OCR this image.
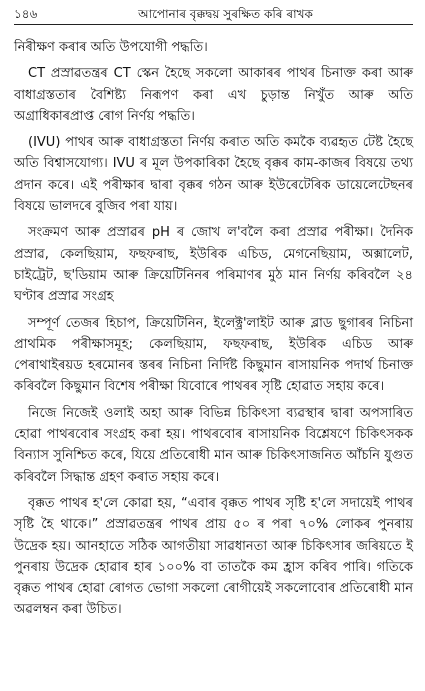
১৪৬	আপোনাৰ বৃক্কদ্বয় সুৰক্ষিত কৰি ৰাখক

নিৰীক্ষণ কৰাৰ অতি উপযোগী পদ্ধতি।

CT প্ৰস্ৰাৱতন্ত্ৰৰ CT স্কেন হৈছে সকলো আকাৰৰ পাথৰ চিনাক্ত কৰা আৰু বাধাগ্ৰস্ততাৰ বৈশিষ্ট্য নিৰূপণ কৰা এখ চুড়ান্ত নিখুঁত আৰু অতি অগ্ৰাধিকাৰপ্ৰাপ্ত ৰোগ নিৰ্ণয় পদ্ধতি।

(IVU) পাথৰ আৰু বাধাগ্ৰস্ততা নিৰ্ণয় কৰাত অতি কমকৈ ব্যৱহৃত টেষ্ট হৈছে অতি বিশ্বাসযোগ্য। IVU ৰ মূল উপকাৰিকা হৈছে বৃক্কৰ কাম-কাজৰ বিষয়ে তথ্য প্ৰদান কৰে। এই পৰীক্ষাৰ দ্বাৰা বৃক্কৰ গঠন আৰু ইউৰেটেৰিক ডায়েলেটেছনৰ বিষয়ে ভালদৰে বুজিব পৰা যায়।

সংক্ৰমণ আৰু প্ৰস্ৰাৱৰ pH ৰ জোখ ল'বলৈ কৰা প্ৰস্ৰাৱ পৰীক্ষা। দৈনিক প্ৰস্ৰাৱ, কেলছিয়াম, ফছফৰাছ, ইউৰিক এচিড, মেগনেছিয়াম, অক্সালেট, চাইট্ৰেট, ছ'ডিয়াম আৰু ক্ৰিয়েটিনিনৰ পৰিমাণৰ মুঠ মান নিৰ্ণয় কৰিবলৈ ২৪ ঘণ্টাৰ প্ৰস্ৰাৱ সংগ্ৰহ

সম্পূৰ্ণ তেজৰ হিচাপ, ক্ৰিয়েটিনিন, ইলেক্ট্ৰ'লাইট আৰু ব্লাড ছুগাৰৰ নিচিনা প্ৰাথমিক পৰীক্ষাসমূহ; কেলছিয়াম, ফছফৰাছ, ইউৰিক এচিড আৰু পেৰাথাইৰয়ড হৰমোনৰ স্তৰৰ নিচিনা নিৰ্দিষ্ট কিছুমান ৰাসায়নিক পদাৰ্থ চিনাক্ত কৰিবলৈ কিছুমান বিশেষ পৰীক্ষা যিবোৰে পাথৰৰ সৃষ্টি হোৱাত সহায় কৰে।

নিজে নিজেই ওলাই অহা আৰু বিভিন্ন চিকিৎসা ব্যৱস্থাৰ দ্বাৰা অপসাৰিত হোৱা পাথৰবোৰ সংগ্ৰহ কৰা হয়। পাথৰবোৰ ৰাসায়নিক বিশ্লেষণে চিকিৎসকক বিন্যাস সুনিশ্চিত কৰে, যিয়ে প্ৰতিৰোধী মান আৰু চিকিৎসাজনিত আঁচনি যুগুত কৰিবলৈ সিদ্ধান্ত গ্ৰহণ কৰাত সহায় কৰে।

বৃক্কত পাথৰ হ'লে কোৱা হয়, “এবাৰ বৃক্কত পাথৰ সৃষ্টি হ'লে সদায়েই পাথৰ সৃষ্টি হৈ থাকে।” প্ৰস্ৰাৱতন্ত্ৰৰ পাথৰ প্ৰায় ৫০ ৰ পৰা ৭০% লোকৰ পুনৰায় উদ্ৰেক হয়। আনহাতে সঠিক আগতীয়া সাৱধানতা আৰু চিকিৎসাৰ জৰিয়তে ই পুনৰায় উদ্ৰেক হোৱাৰ হাৰ ১০০% বা তাতকৈ কম হ্ৰাস কৰিব পাৰি। গতিকে বৃক্কত পাথৰ হোৱা ৰোগত ভোগা সকলো ৰোগীয়েই সকলোবোৰ প্ৰতিৰোধী মান অৱলম্বন কৰা উচিত।
